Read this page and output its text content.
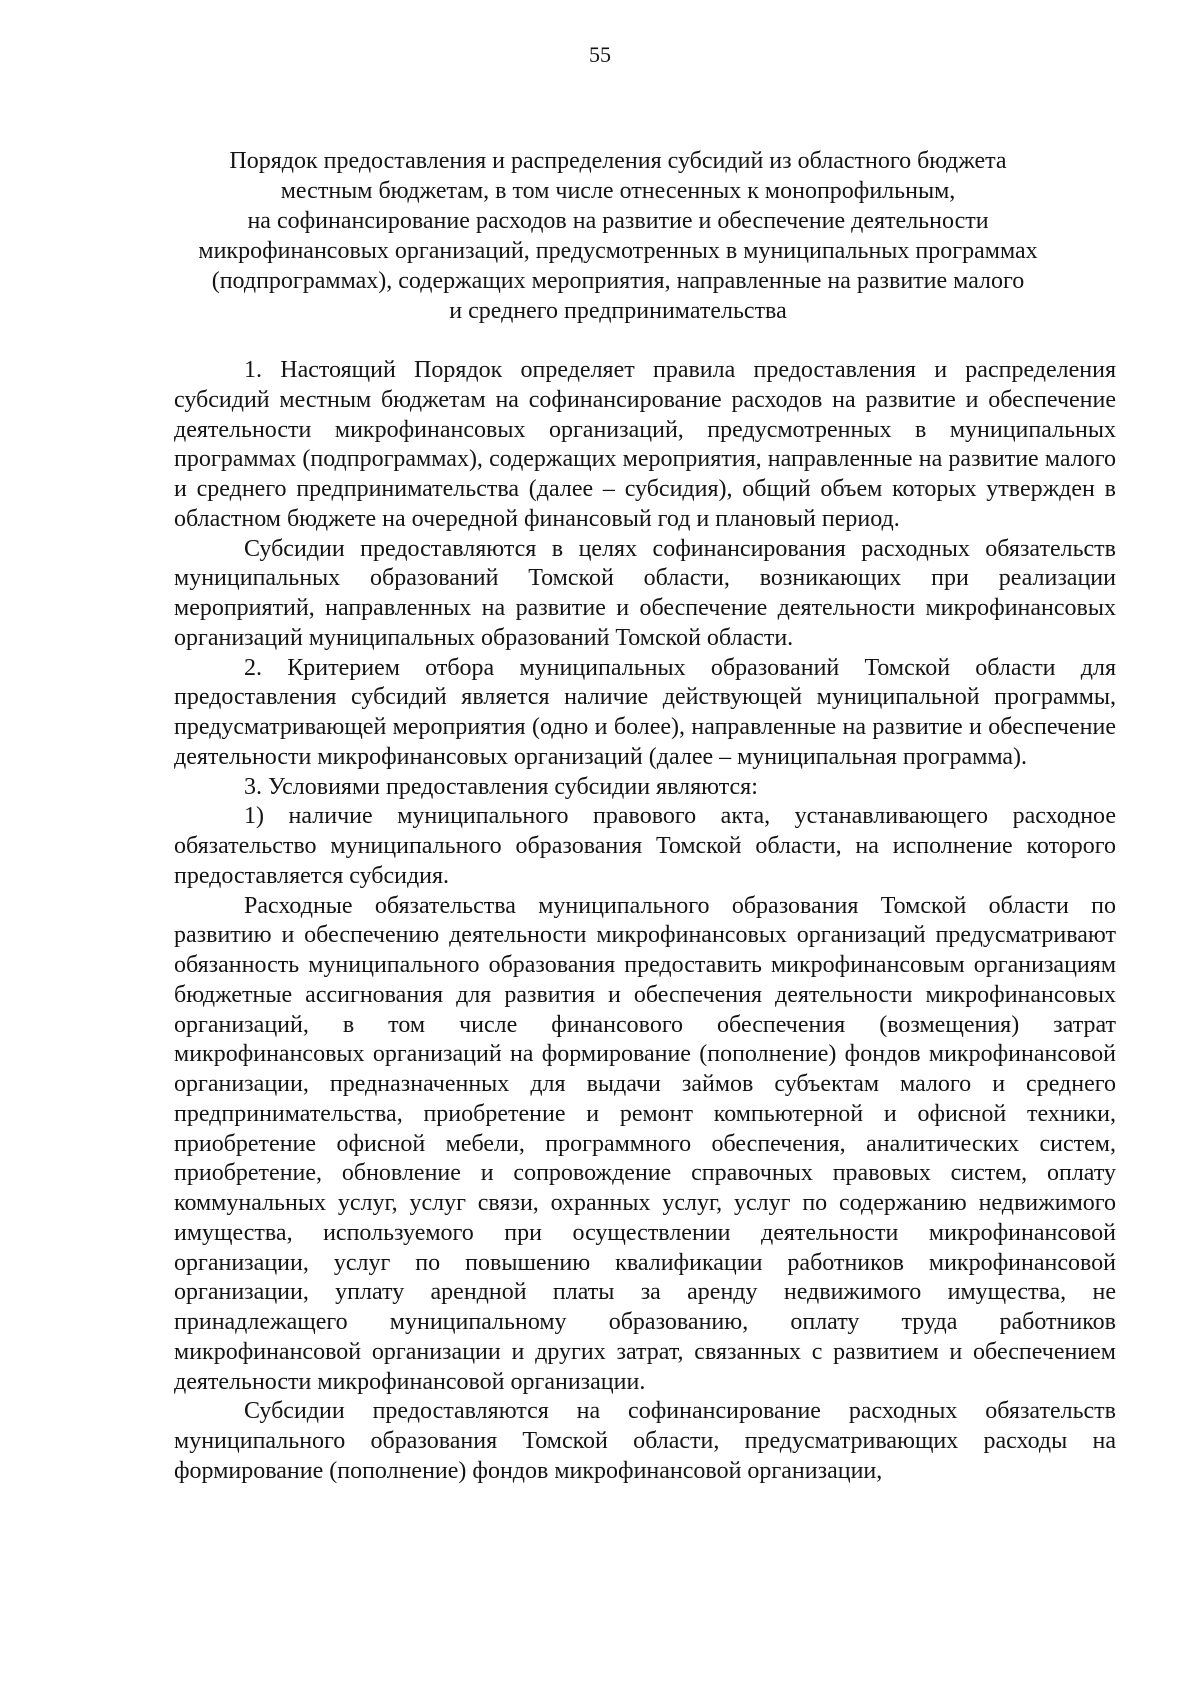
55
Порядок предоставления и распределения субсидий из областного бюджета
местным бюджетам, в том числе отнесенных к монопрофильным,
на софинансирование расходов на развитие и обеспечение деятельности
микрофинансовых организаций, предусмотренных в муниципальных программах
(подпрограммах), содержащих мероприятия, направленные на развитие малого
и среднего предпринимательства

1. Настоящий Порядок определяет правила предоставления и распределения субсидий местным бюджетам на софинансирование расходов на развитие и обеспечение деятельности микрофинансовых организаций, предусмотренных в муниципальных программах (подпрограммах), содержащих мероприятия, направленные на развитие малого и среднего предпринимательства (далее – субсидия), общий объем которых утвержден в областном бюджете на очередной финансовый год и плановый период.

Субсидии предоставляются в целях софинансирования расходных обязательств муниципальных образований Томской области, возникающих при реализации мероприятий, направленных на развитие и обеспечение деятельности микрофинансовых организаций муниципальных образований Томской области.

2. Критерием отбора муниципальных образований Томской области для предоставления субсидий является наличие действующей муниципальной программы, предусматривающей мероприятия (одно и более), направленные на развитие и обеспечение деятельности микрофинансовых организаций (далее – муниципальная программа).

3. Условиями предоставления субсидии являются:

1) наличие муниципального правового акта, устанавливающего расходное обязательство муниципального образования Томской области, на исполнение которого предоставляется субсидия.

Расходные обязательства муниципального образования Томской области по развитию и обеспечению деятельности микрофинансовых организаций предусматривают обязанность муниципального образования предоставить микрофинансовым организациям бюджетные ассигнования для развития и обеспечения деятельности микрофинансовых организаций, в том числе финансового обеспечения (возмещения) затрат микрофинансовых организаций на формирование (пополнение) фондов микрофинансовой организации, предназначенных для выдачи займов субъектам малого и среднего предпринимательства, приобретение и ремонт компьютерной и офисной техники, приобретение офисной мебели, программного обеспечения, аналитических систем, приобретение, обновление и сопровождение справочных правовых систем, оплату коммунальных услуг, услуг связи, охранных услуг, услуг по содержанию недвижимого имущества, используемого при осуществлении деятельности микрофинансовой организации, услуг по повышению квалификации работников микрофинансовой организации, уплату арендной платы за аренду недвижимого имущества, не принадлежащего муниципальному образованию, оплату труда работников микрофинансовой организации и других затрат, связанных с развитием и обеспечением деятельности микрофинансовой организации.

Субсидии предоставляются на софинансирование расходных обязательств муниципального образования Томской области, предусматривающих расходы на формирование (пополнение) фондов микрофинансовой организации,
